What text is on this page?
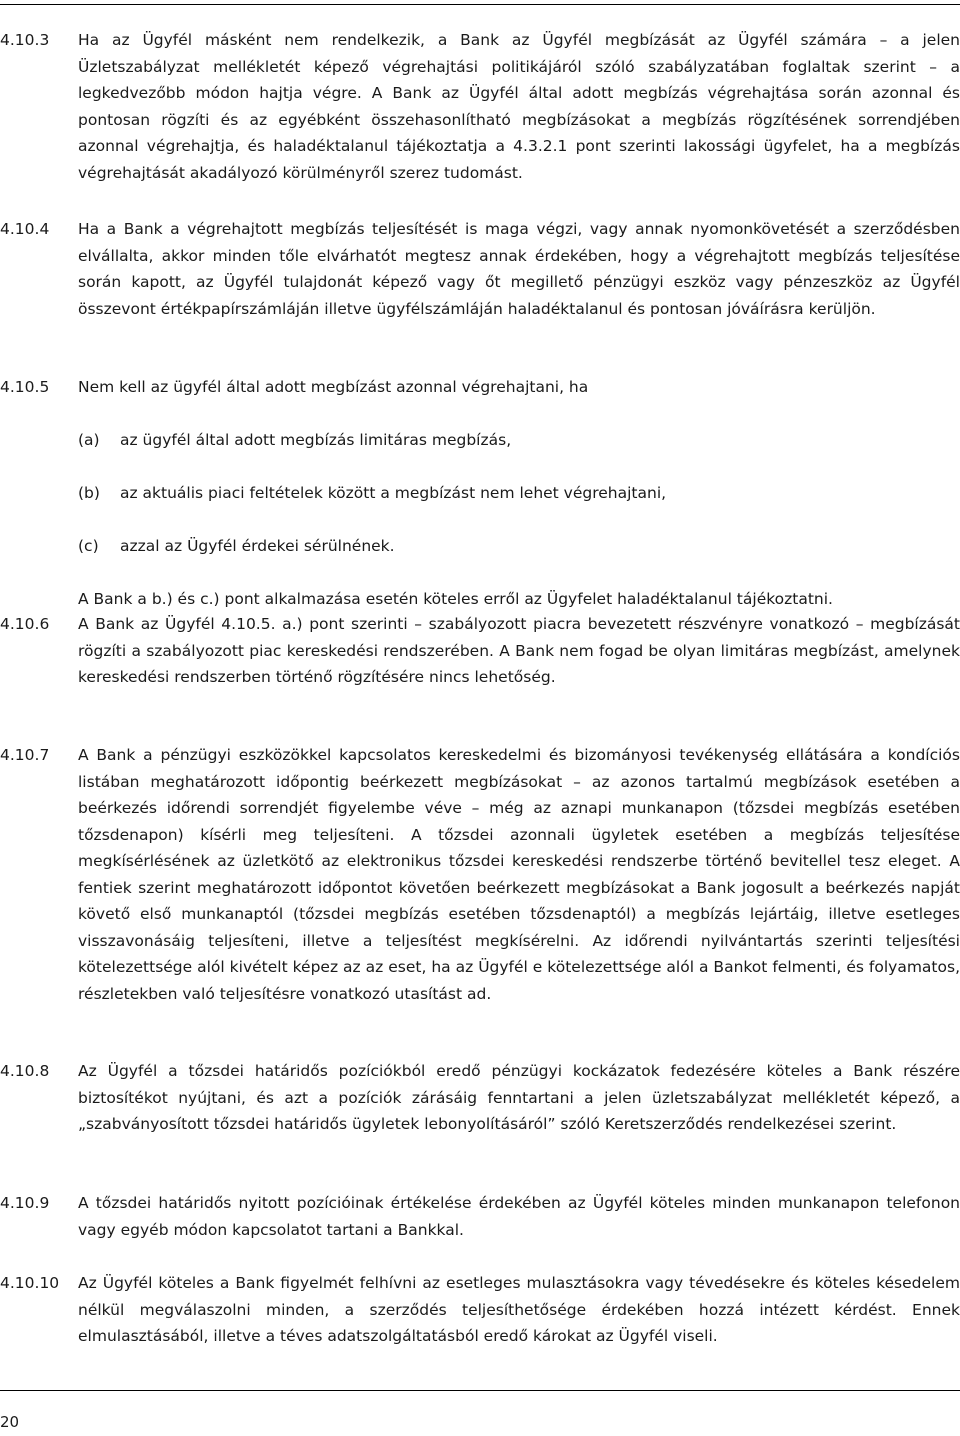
4.10.3	Ha az Ügyfél másként nem rendelkezik, a Bank az Ügyfél megbízását az Ügyfél számára – a jelen Üzletszabályzat mellékletét képező végrehajtási politikájáról szóló szabályzatában foglaltak szerint – a legkedvezőbb módon hajtja végre. A Bank az Ügyfél által adott megbízás végrehajtása során azonnal és pontosan rögzíti és az egyébként összehasonlítható megbízásokat a megbízás rögzítésének sorrendjében azonnal végrehajtja, és haladéktalanul tájékoztatja a 4.3.2.1 pont szerinti lakossági ügyfelet, ha a megbízás végrehajtását akadályozó körülményről szerez tudomást.
4.10.4	Ha a Bank a végrehajtott megbízás teljesítését is maga végzi, vagy annak nyomonkövetését a szerződésben elvállalta, akkor minden tőle elvárhatót megtesz annak érdekében, hogy a végrehajtott megbízás teljesítése során kapott, az Ügyfél tulajdonát képező vagy őt megillető pénzügyi eszköz vagy pénzeszköz az Ügyfél összevont értékpapírszámláján illetve ügyfélszámláján haladéktalanul és pontosan jóváírásra kerüljön.
4.10.5	Nem kell az ügyfél által adott megbízást azonnal végrehajtani, ha
(a) az ügyfél által adott megbízás limitáras megbízás,
(b) az aktuális piaci feltételek között a megbízást nem lehet végrehajtani,
(c) azzal az Ügyfél érdekei sérülnének.
A Bank a b.) és c.) pont alkalmazása esetén köteles erről az Ügyfelet haladéktalanul tájékoztatni.
4.10.6	A Bank az Ügyfél 4.10.5. a.) pont szerinti – szabályozott piacra bevezetett részvényre vonatkozó – megbízását rögzíti a szabályozott piac kereskedési rendszerében. A Bank nem fogad be olyan limitáras megbízást, amelynek kereskedési rendszerben történő rögzítésére nincs lehetőség.
4.10.7	A Bank a pénzügyi eszközökkel kapcsolatos kereskedelmi és bizományosi tevékenység ellátására a kondíciós listában meghatározott időpontig beérkezett megbízásokat – az azonos tartalmú megbízások esetében a beérkezés időrendi sorrendjét figyelembe véve – még az aznapi munkanapon (tőzsdei megbízás esetében tőzsdenapon) kísérli meg teljesíteni. A tőzsdei azonnali ügyletek esetében a megbízás teljesítése megkísérlésének az üzletkötő az elektronikus tőzsdei kereskedési rendszerbe történő bevitellel tesz eleget. A fentiek szerint meghatározott időpontot követően beérkezett megbízásokat a Bank jogosult a beérkezés napját követő első munkanaptól (tőzsdei megbízás esetében tőzsdenaptól) a megbízás lejártáig, illetve esetleges visszavonásáig teljesíteni, illetve a teljesítést megkísérelni. Az időrendi nyilvántartás szerinti teljesítési kötelezettsége alól kivételt képez az az eset, ha az Ügyfél e kötelezettsége alól a Bankot felmenti, és folyamatos, részletekben való teljesítésre vonatkozó utasítást ad.
4.10.8	Az Ügyfél a tőzsdei határidős pozíciókból eredő pénzügyi kockázatok fedezésére köteles a Bank részére biztosítékot nyújtani, és azt a pozíciók zárásáig fenntartani a jelen üzletszabályzat mellékletét képező, a „szabványosított tőzsdei határidős ügyletek lebonyolításáról” szóló Keretszerződés rendelkezései szerint.
4.10.9	A tőzsdei határidős nyitott pozícióinak értékelése érdekében az Ügyfél köteles minden munkanapon telefonon vagy egyéb módon kapcsolatot tartani a Bankkal.
4.10.10	Az Ügyfél köteles a Bank figyelmét felhívni az esetleges mulasztásokra vagy tévedésekre és köteles késedelem nélkül megválaszolni minden, a szerződés teljesíthetősége érdekében hozzá intézett kérdést. Ennek elmulasztásából, illetve a téves adatszolgáltatásból eredő károkat az Ügyfél viseli.
20
